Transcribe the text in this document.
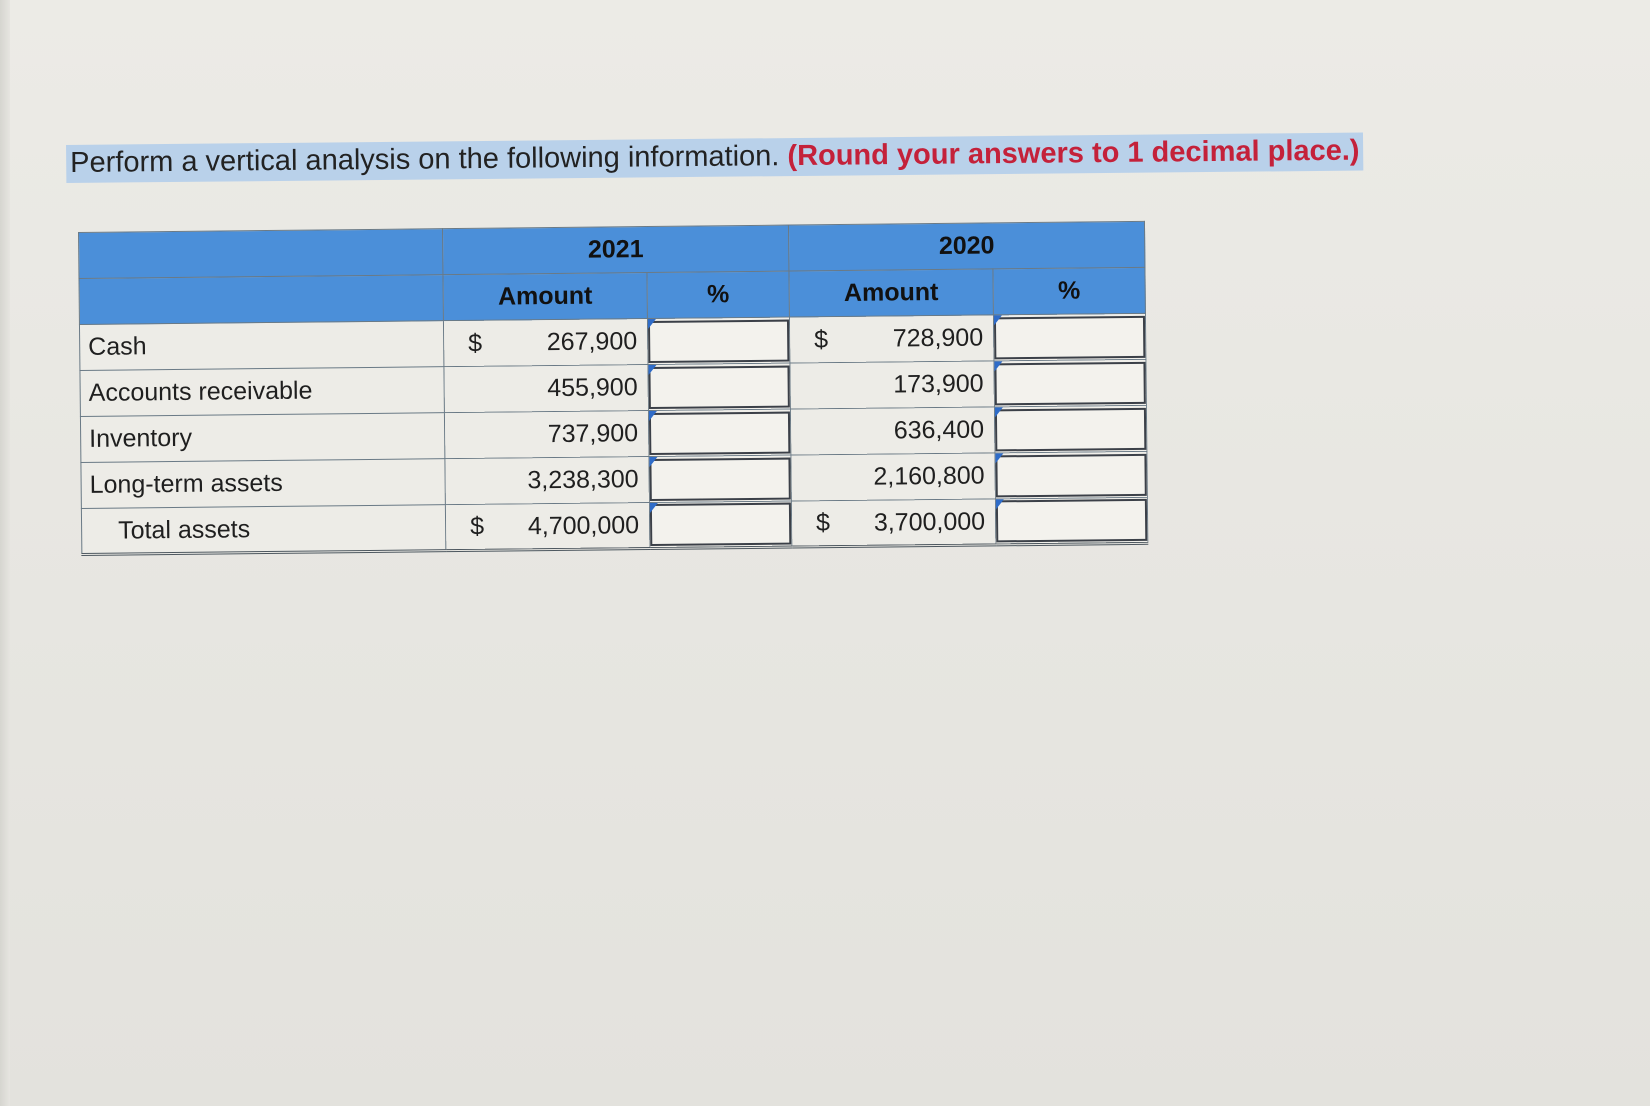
Perform a vertical analysis on the following information. (Round your answers to 1 decimal place.)
	2021		2020	
	Amount	%	Amount	%
Cash	$ 267,900		$ 728,900	

Accounts receivable	455,900		173,900	

Inventory	737,900		636,400	

Long-term assets	3,238,300		2,160,800	

Total assets	$ 4,700,000		$ 3,700,000	
